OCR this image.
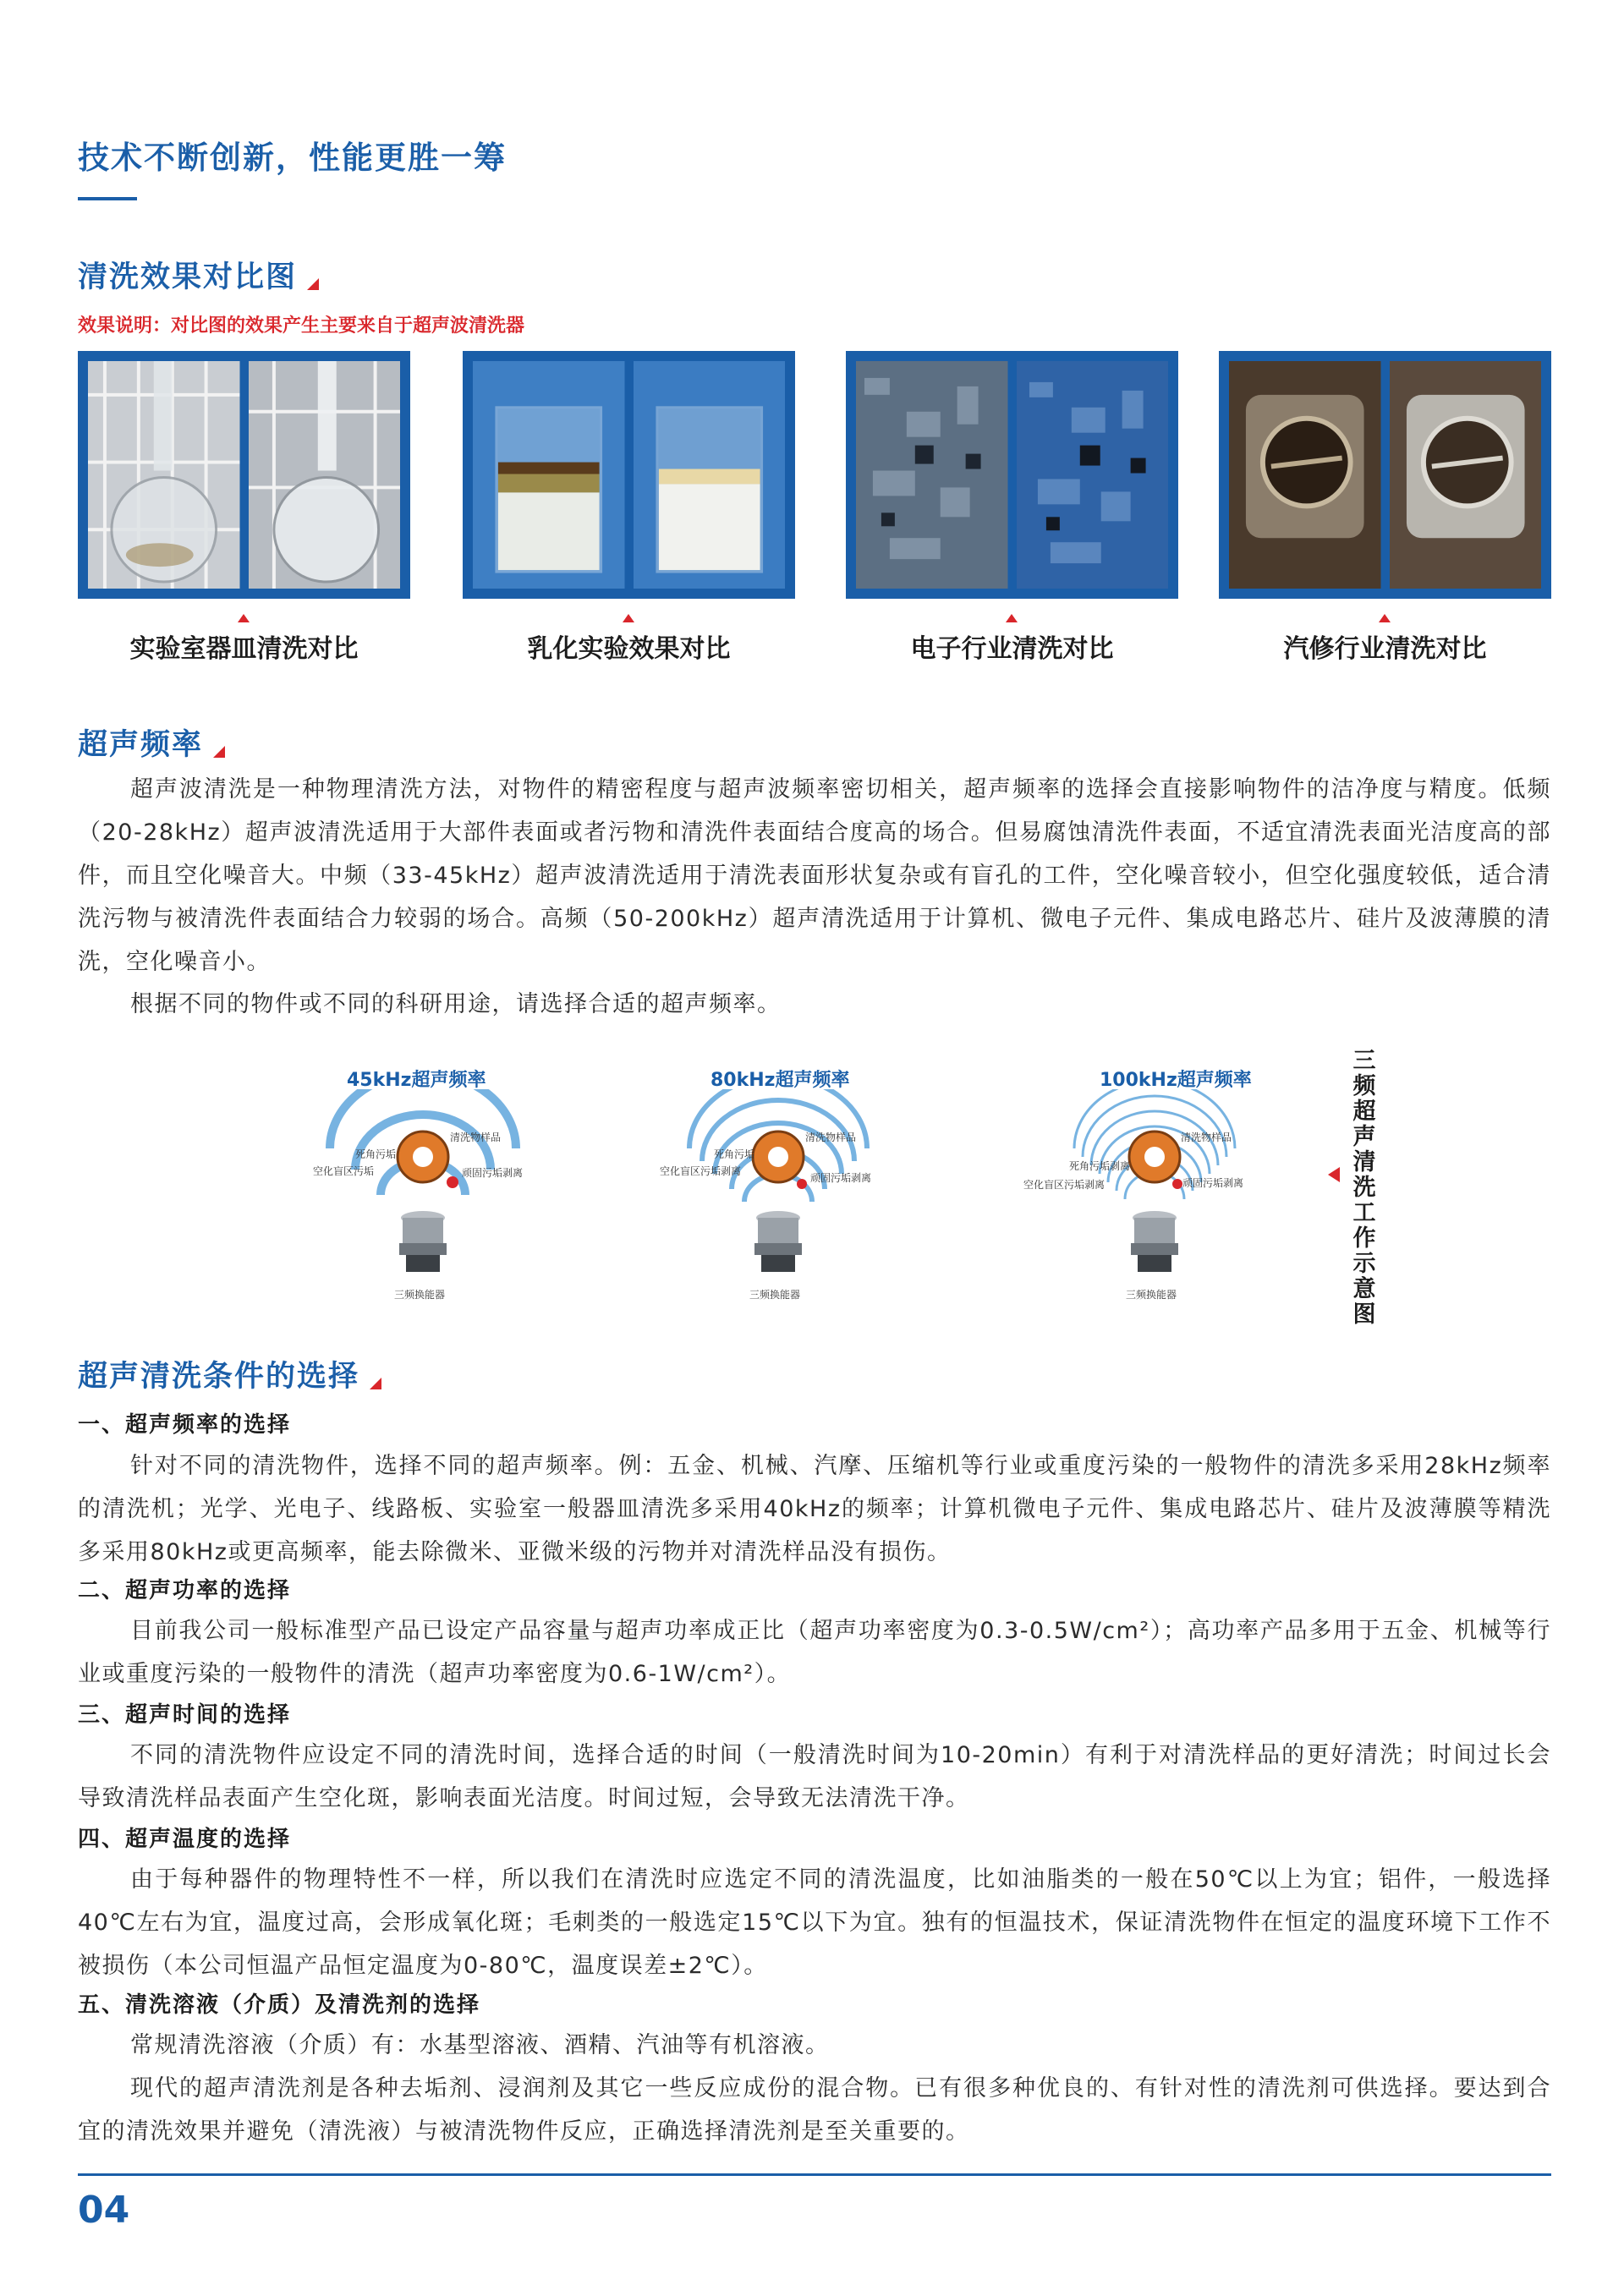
技术不断创新，性能更胜一筹
清洗效果对比图
效果说明：对比图的效果产生主要来自于超声波清洗器
实验室器皿清洗对比	乳化实验效果对比	电子行业清洗对比	汽修行业清洗对比
超声频率
超声波清洗是一种物理清洗方法，对物件的精密程度与超声波频率密切相关，超声频率的选择会直接影响物件的洁净度与精度。低频（20-28kHz）超声波清洗适用于大部件表面或者污物和清洗件表面结合度高的场合。但易腐蚀清洗件表面，不适宜清洗表面光洁度高的部件，而且空化噪音大。中频（33-45kHz）超声波清洗适用于清洗表面形状复杂或有盲孔的工件，空化噪音较小，但空化强度较低，适合清洗污物与被清洗件表面结合力较弱的场合。高频（50-200kHz）超声清洗适用于计算机、微电子元件、集成电路芯片、硅片及波薄膜的清洗，空化噪音小。
根据不同的物件或不同的科研用途，请选择合适的超声频率。
45kHz超声频率
清洗物样品
死角污垢
空化盲区污垢	顽固污垢剥离
三频换能器
80kHz超声频率
清洗物样品
死角污垢
空化盲区污垢剥离
顽固污垢剥离
三频换能器
100kHz超声频率
清洗物样品
死角污垢剥离
空化盲区污垢剥离	顽固污垢剥离
三频换能器
三频超声清洗工作示意图
超声清洗条件的选择
一、超声频率的选择
针对不同的清洗物件，选择不同的超声频率。例：五金、机械、汽摩、压缩机等行业或重度污染的一般物件的清洗多采用28kHz频率的清洗机；光学、光电子、线路板、实验室一般器皿清洗多采用40kHz的频率；计算机微电子元件、集成电路芯片、硅片及波薄膜等精洗多采用80kHz或更高频率，能去除微米、亚微米级的污物并对清洗样品没有损伤。
二、超声功率的选择
目前我公司一般标准型产品已设定产品容量与超声功率成正比（超声功率密度为0.3-0.5W/cm²）；高功率产品多用于五金、机械等行业或重度污染的一般物件的清洗（超声功率密度为0.6-1W/cm²）。
三、超声时间的选择
不同的清洗物件应设定不同的清洗时间，选择合适的时间（一般清洗时间为10-20min）有利于对清洗样品的更好清洗；时间过长会导致清洗样品表面产生空化斑，影响表面光洁度。时间过短，会导致无法清洗干净。
四、超声温度的选择
由于每种器件的物理特性不一样，所以我们在清洗时应选定不同的清洗温度，比如油脂类的一般在50℃以上为宜；铝件，一般选择40℃左右为宜，温度过高，会形成氧化斑；毛刺类的一般选定15℃以下为宜。独有的恒温技术，保证清洗物件在恒定的温度环境下工作不被损伤（本公司恒温产品恒定温度为0-80℃，温度误差±2℃）。
五、清洗溶液（介质）及清洗剂的选择
常规清洗溶液（介质）有：水基型溶液、酒精、汽油等有机溶液。
现代的超声清洗剂是各种去垢剂、浸润剂及其它一些反应成份的混合物。已有很多种优良的、有针对性的清洗剂可供选择。要达到合宜的清洗效果并避免（清洗液）与被清洗物件反应，正确选择清洗剂是至关重要的。
04
